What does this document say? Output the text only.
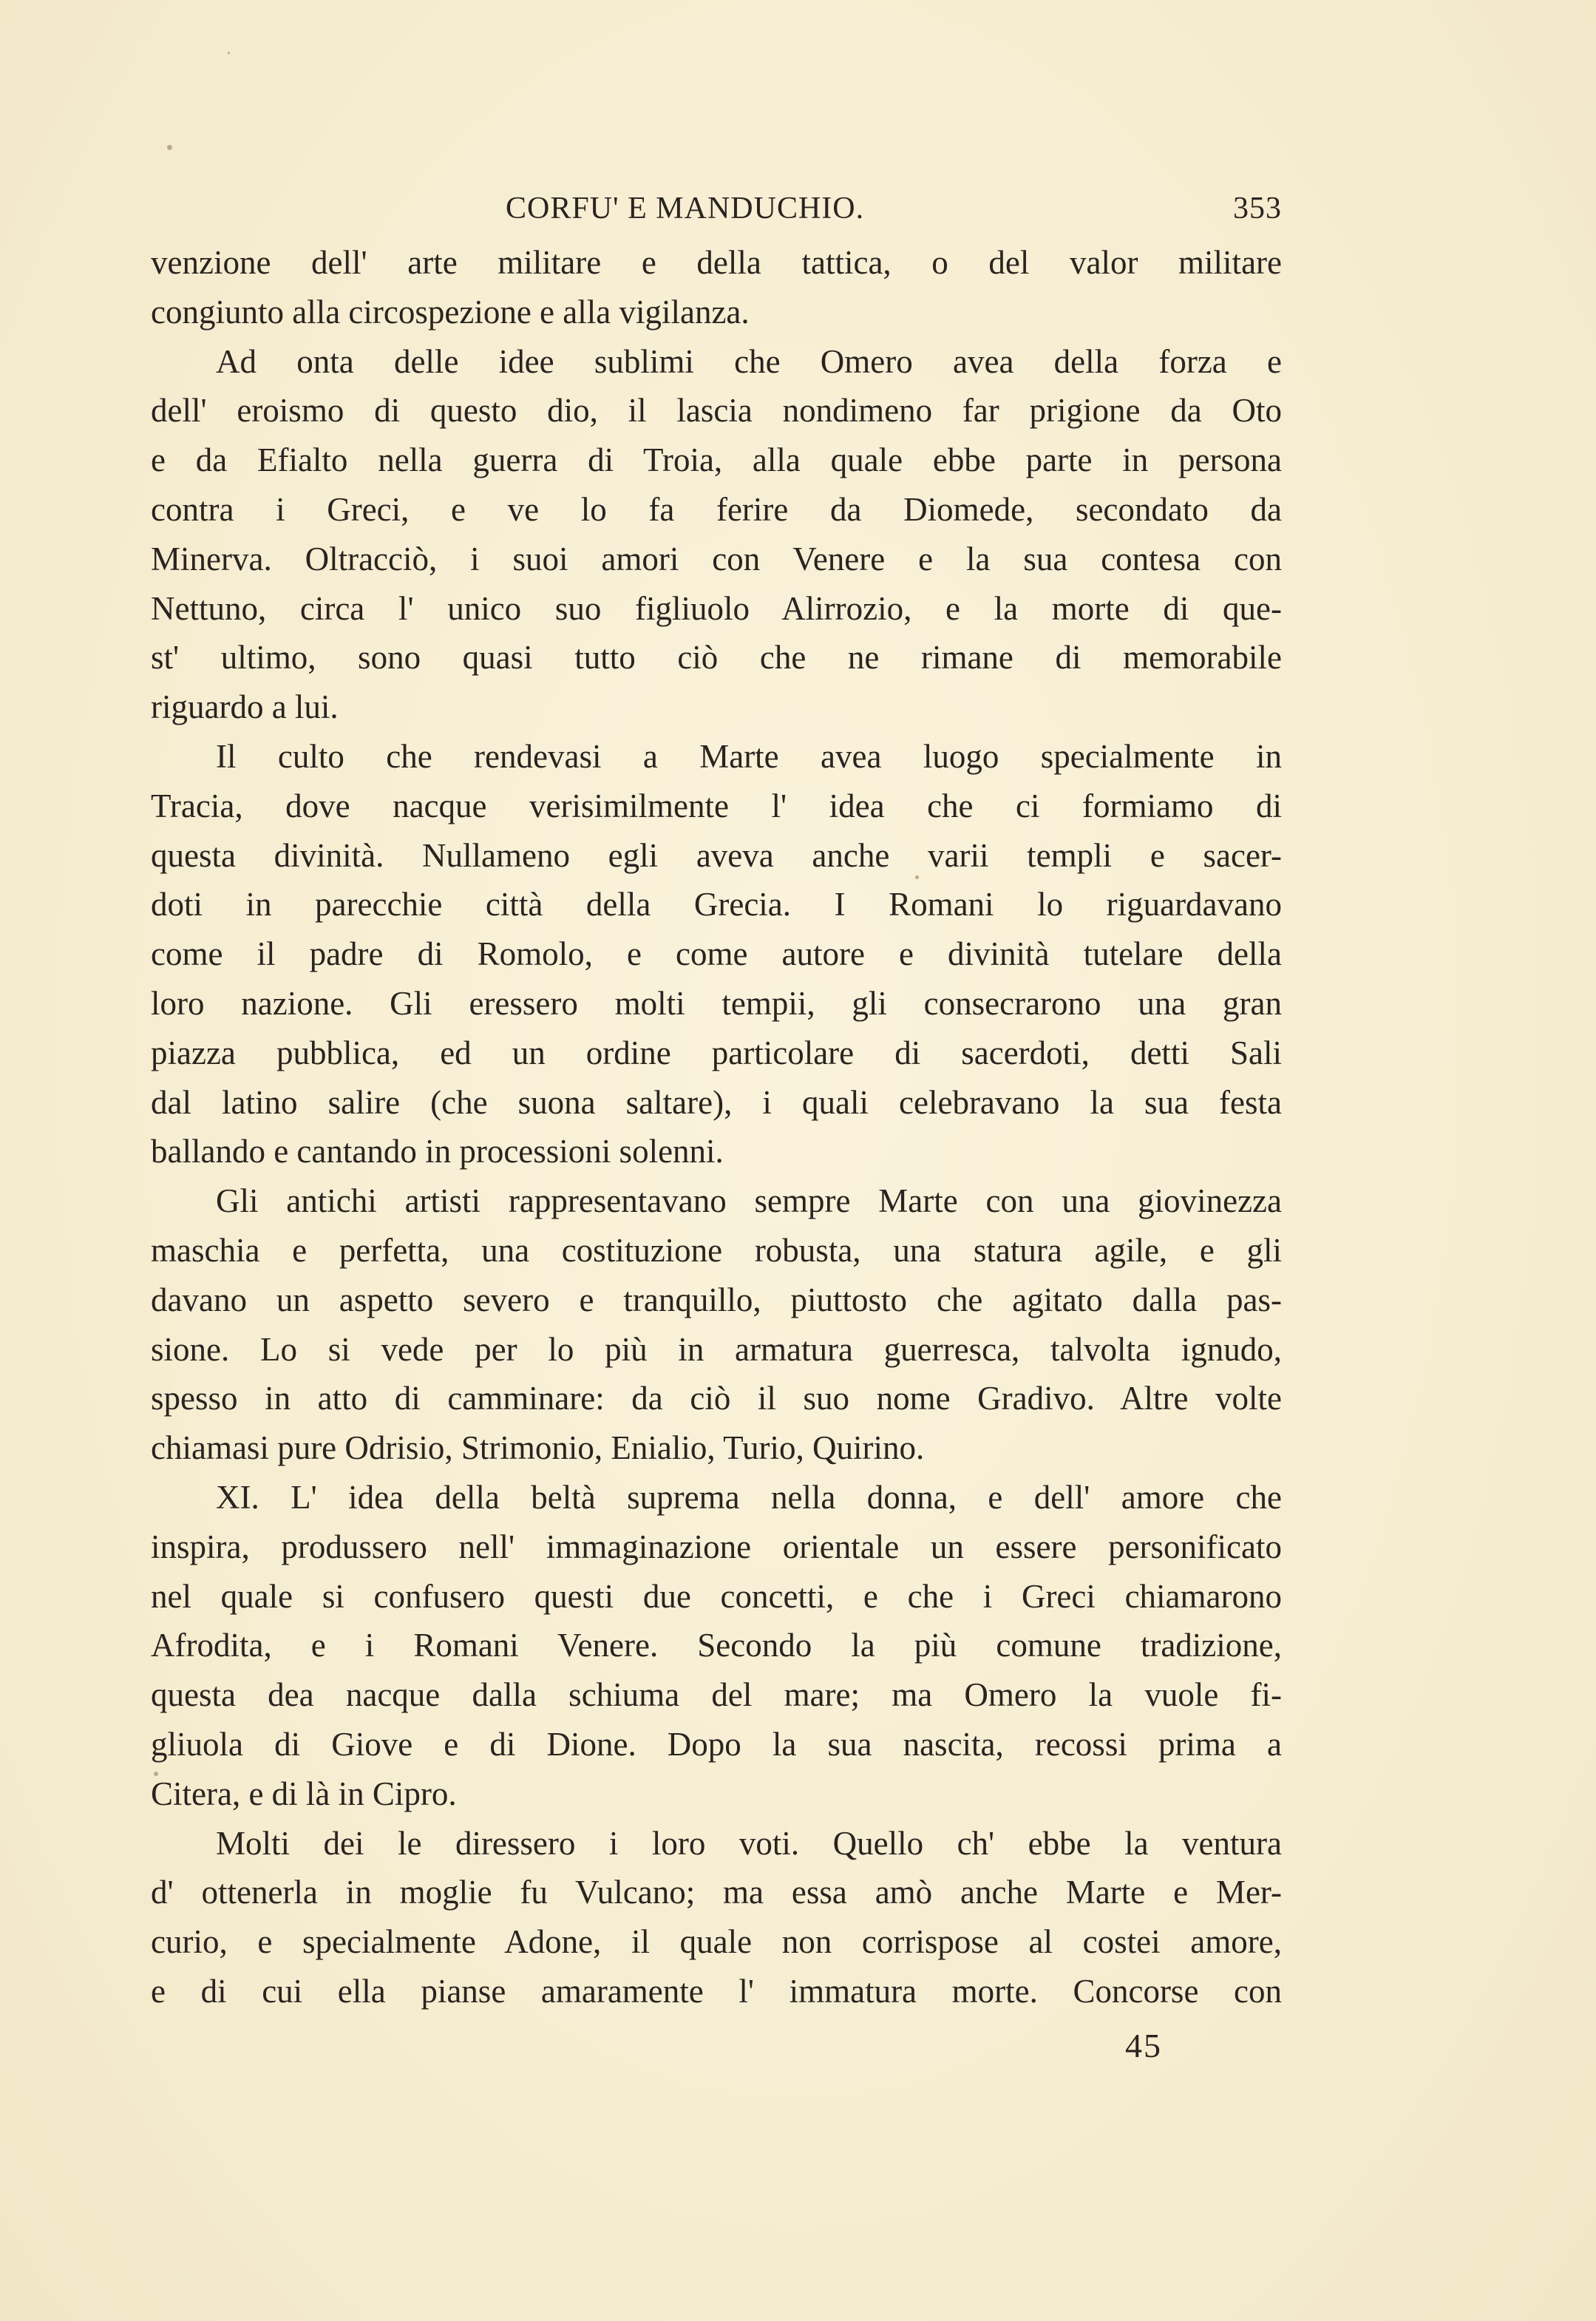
CORFU' E MANDUCHIO.	353
venzione dell' arte militare e della tattica, o del valor militare
congiunto alla circospezione e alla vigilanza.
Ad onta delle idee sublimi che Omero avea della forza e
dell' eroismo di questo dio, il lascia nondimeno far prigione da Oto
e da Efialto nella guerra di Troia, alla quale ebbe parte in persona
contra i Greci, e ve lo fa ferire da Diomede, secondato da
Minerva. Oltracciò, i suoi amori con Venere e la sua contesa con
Nettuno, circa l' unico suo figliuolo Alirrozio, e la morte di que-
st' ultimo, sono quasi tutto ciò che ne rimane di memorabile
riguardo a lui.
Il culto che rendevasi a Marte avea luogo specialmente in
Tracia, dove nacque verisimilmente l' idea che ci formiamo di
questa divinità. Nullameno egli aveva anche varii templi e sacer-
doti in parecchie città della Grecia. I Romani lo riguardavano
come il padre di Romolo, e come autore e divinità tutelare della
loro nazione. Gli eressero molti tempii, gli consecrarono una gran
piazza pubblica, ed un ordine particolare di sacerdoti, detti Sali
dal latino salire (che suona saltare), i quali celebravano la sua festa
ballando e cantando in processioni solenni.
Gli antichi artisti rappresentavano sempre Marte con una giovinezza
maschia e perfetta, una costituzione robusta, una statura agile, e gli
davano un aspetto severo e tranquillo, piuttosto che agitato dalla pas-
sione. Lo si vede per lo più in armatura guerresca, talvolta ignudo,
spesso in atto di camminare: da ciò il suo nome Gradivo. Altre volte
chiamasi pure Odrisio, Strimonio, Enialio, Turio, Quirino.
XI. L' idea della beltà suprema nella donna, e dell' amore che
inspira, produssero nell' immaginazione orientale un essere personificato
nel quale si confusero questi due concetti, e che i Greci chiamarono
Afrodita, e i Romani Venere. Secondo la più comune tradizione,
questa dea nacque dalla schiuma del mare; ma Omero la vuole fi-
gliuola di Giove e di Dione. Dopo la sua nascita, recossi prima a
Citera, e di là in Cipro.
Molti dei le diressero i loro voti. Quello ch' ebbe la ventura
d' ottenerla in moglie fu Vulcano; ma essa amò anche Marte e Mer-
curio, e specialmente Adone, il quale non corrispose al costei amore,
e di cui ella pianse amaramente l' immatura morte. Concorse con
45
